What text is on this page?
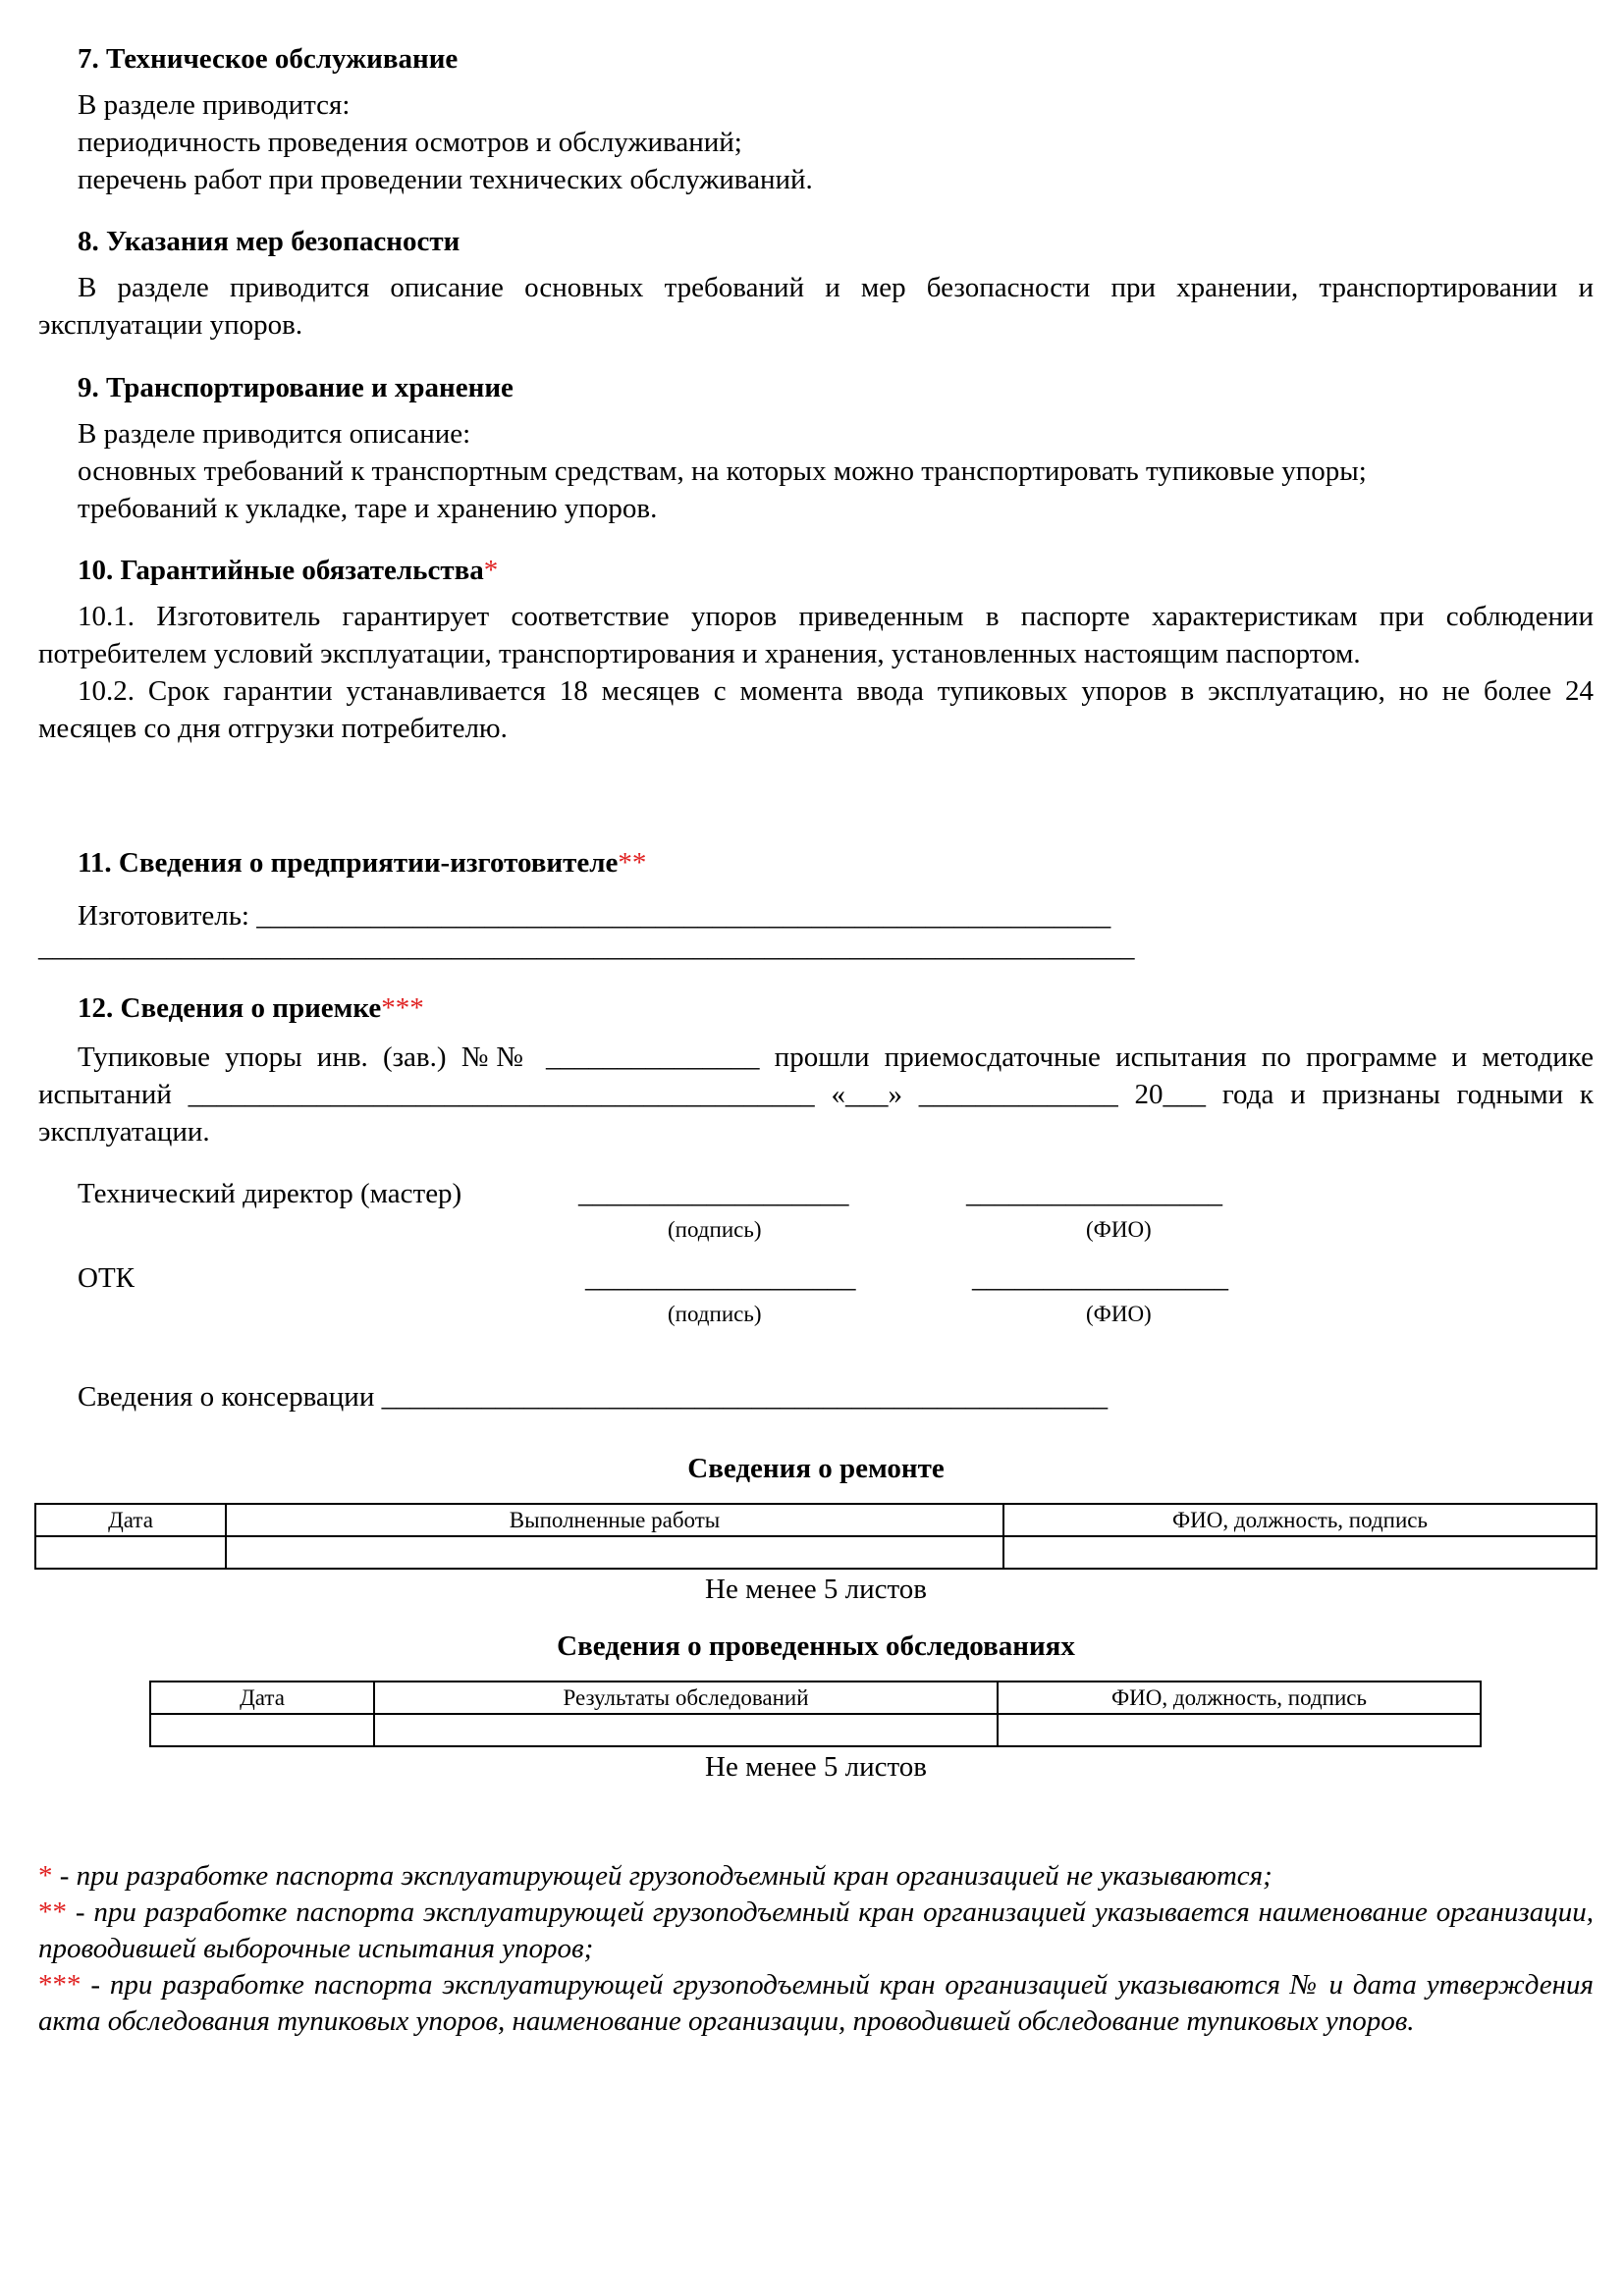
7. Техническое обслуживание

В разделе приводится:

периодичность проведения осмотров и обслуживаний;

перечень работ при проведении технических обслуживаний.

8. Указания мер безопасности

В разделе приводится описание основных требований и мер безопасности при хранении, транспортировании и эксплуатации упоров.

9. Транспортирование и хранение

В разделе приводится описание:

основных требований к транспортным средствам, на которых можно транспортировать тупиковые упоры;

требований к укладке, таре и хранению упоров.

10. Гарантийные обязательства*

10.1. Изготовитель гарантирует соответствие упоров приведенным в паспорте характеристикам при соблюдении потребителем условий эксплуатации, транспортирования и хранения, установленных настоящим паспортом.

10.2. Срок гарантии устанавливается 18 месяцев с момента ввода тупиковых упоров в эксплуатацию, но не более 24 месяцев со дня отгрузки потребителю.

11. Сведения о предприятии-изготовителе**

Изготовитель: ____________________________________________________________
_____________________________________________________________________________

12. Сведения о приемке***

Тупиковые упоры инв. (зав.) №№ _______________ прошли приемосдаточные испытания по программе и методике испытаний ____________________________________________ «___» ______________ 20___ года и признаны годными к эксплуатации.

Технический директор (мастер)	___________________	__________________
(подпись)	(ФИО)
ОТК	___________________	__________________
(подпись)	(ФИО)
Сведения о консервации ___________________________________________________
Сведения о ремонте
Дата	Выполненные работы	ФИО, должность, подпись

Не менее 5 листов
Сведения о проведенных обследованиях
Дата	Результаты обследований	ФИО, должность, подпись

Не менее 5 листов

* - при разработке паспорта эксплуатирующей грузоподъемный кран организацией не указываются;

** - при разработке паспорта эксплуатирующей грузоподъемный кран организацией указывается наименование организации, проводившей выборочные испытания упоров;

*** - при разработке паспорта эксплуатирующей грузоподъемный кран организацией указываются № и дата утверждения акта обследования тупиковых упоров, наименование организации, проводившей обследование тупиковых упоров.
